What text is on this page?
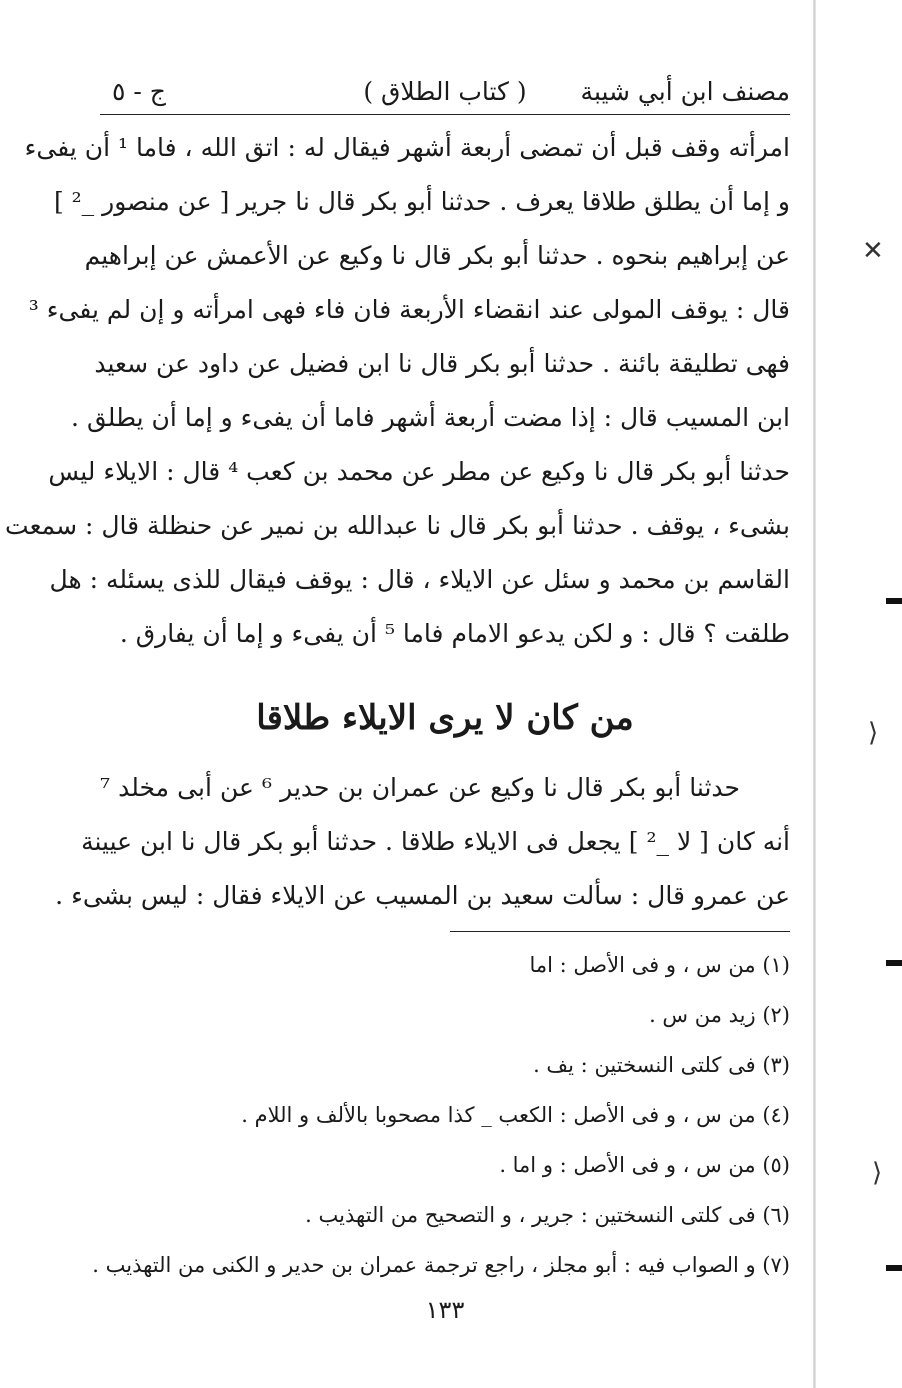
✕
⟩
⟩
( كتاب الطلاق )	مصنف ابن أبي شيبة
ج - ٥
امرأته وقف قبل أن تمضى أربعة أشهر فيقال له : اتق الله ، فاما ¹ أن يفىء
و إما أن يطلق طلاقا يعرف . حدثنا أبو بكر قال نا جرير [ عن منصور _² ]
عن إبراهيم بنحوه . حدثنا أبو بكر قال نا وكيع عن الأعمش عن إبراهيم
قال : يوقف المولى عند انقضاء الأربعة فان فاء فهى امرأته و إن لم يفىء ³
فهى تطليقة بائنة . حدثنا أبو بكر قال نا ابن فضيل عن داود عن سعيد
ابن المسيب قال : إذا مضت أربعة أشهر فاما أن يفىء و إما أن يطلق .
حدثنا أبو بكر قال نا وكيع عن مطر عن محمد بن كعب ⁴ قال : الايلاء ليس
بشىء ، يوقف . حدثنا أبو بكر قال نا عبدالله بن نمير عن حنظلة قال : سمعت
القاسم بن محمد و سئل عن الايلاء ، قال : يوقف فيقال للذى يسئله : هل
طلقت ؟ قال : و لكن يدعو الامام فاما ⁵ أن يفىء و إما أن يفارق .
من كان لا يرى الايلاء طلاقا
حدثنا أبو بكر قال نا وكيع عن عمران بن حدير ⁶ عن أبى مخلد ⁷
أنه كان [ لا _² ] يجعل فى الايلاء طلاقا . حدثنا أبو بكر قال نا ابن عيينة
عن عمرو قال : سألت سعيد بن المسيب عن الايلاء فقال : ليس بشىء .
(١) من س ، و فى الأصل : اما
(٢) زيد من س .
(٣) فى كلتى النسختين : يف .
(٤) من س ، و فى الأصل : الكعب _ كذا مصحوبا بالألف و اللام .
(٥) من س ، و فى الأصل : و اما .
(٦) فى كلتى النسختين : جرير ، و التصحيح من التهذيب .
(٧) و الصواب فيه : أبو مجلز ، راجع ترجمة عمران بن حدير و الكنى من التهذيب .
١٣٣
